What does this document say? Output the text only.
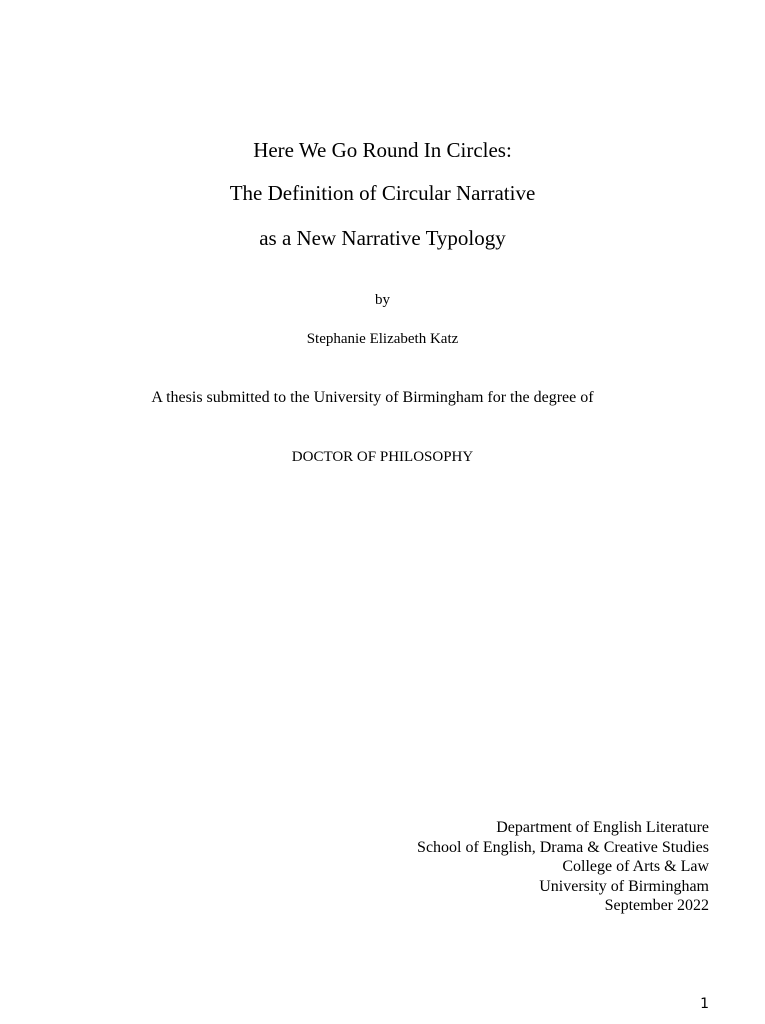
Here We Go Round In Circles:
The Definition of Circular Narrative
as a New Narrative Typology
by
Stephanie Elizabeth Katz
A thesis submitted to the University of Birmingham for the degree of
DOCTOR OF PHILOSOPHY
Department of English Literature
School of English, Drama & Creative Studies
College of Arts & Law
University of Birmingham
September 2022
1
